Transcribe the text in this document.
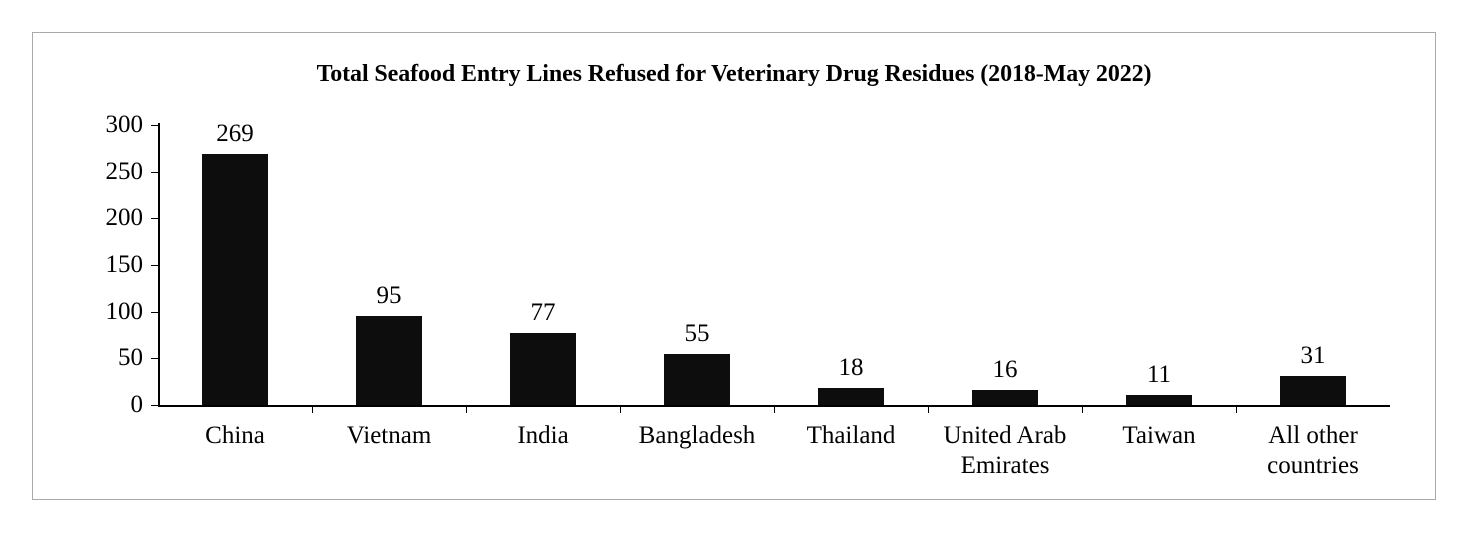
Total Seafood Entry Lines Refused for Veterinary Drug Residues (2018-May 2022)
300
250
200
150
100
50
0
269
China
95
Vietnam
77
India
55
Bangladesh
18
Thailand
16
United Arab Emirates
11
Taiwan
31
All other countries
